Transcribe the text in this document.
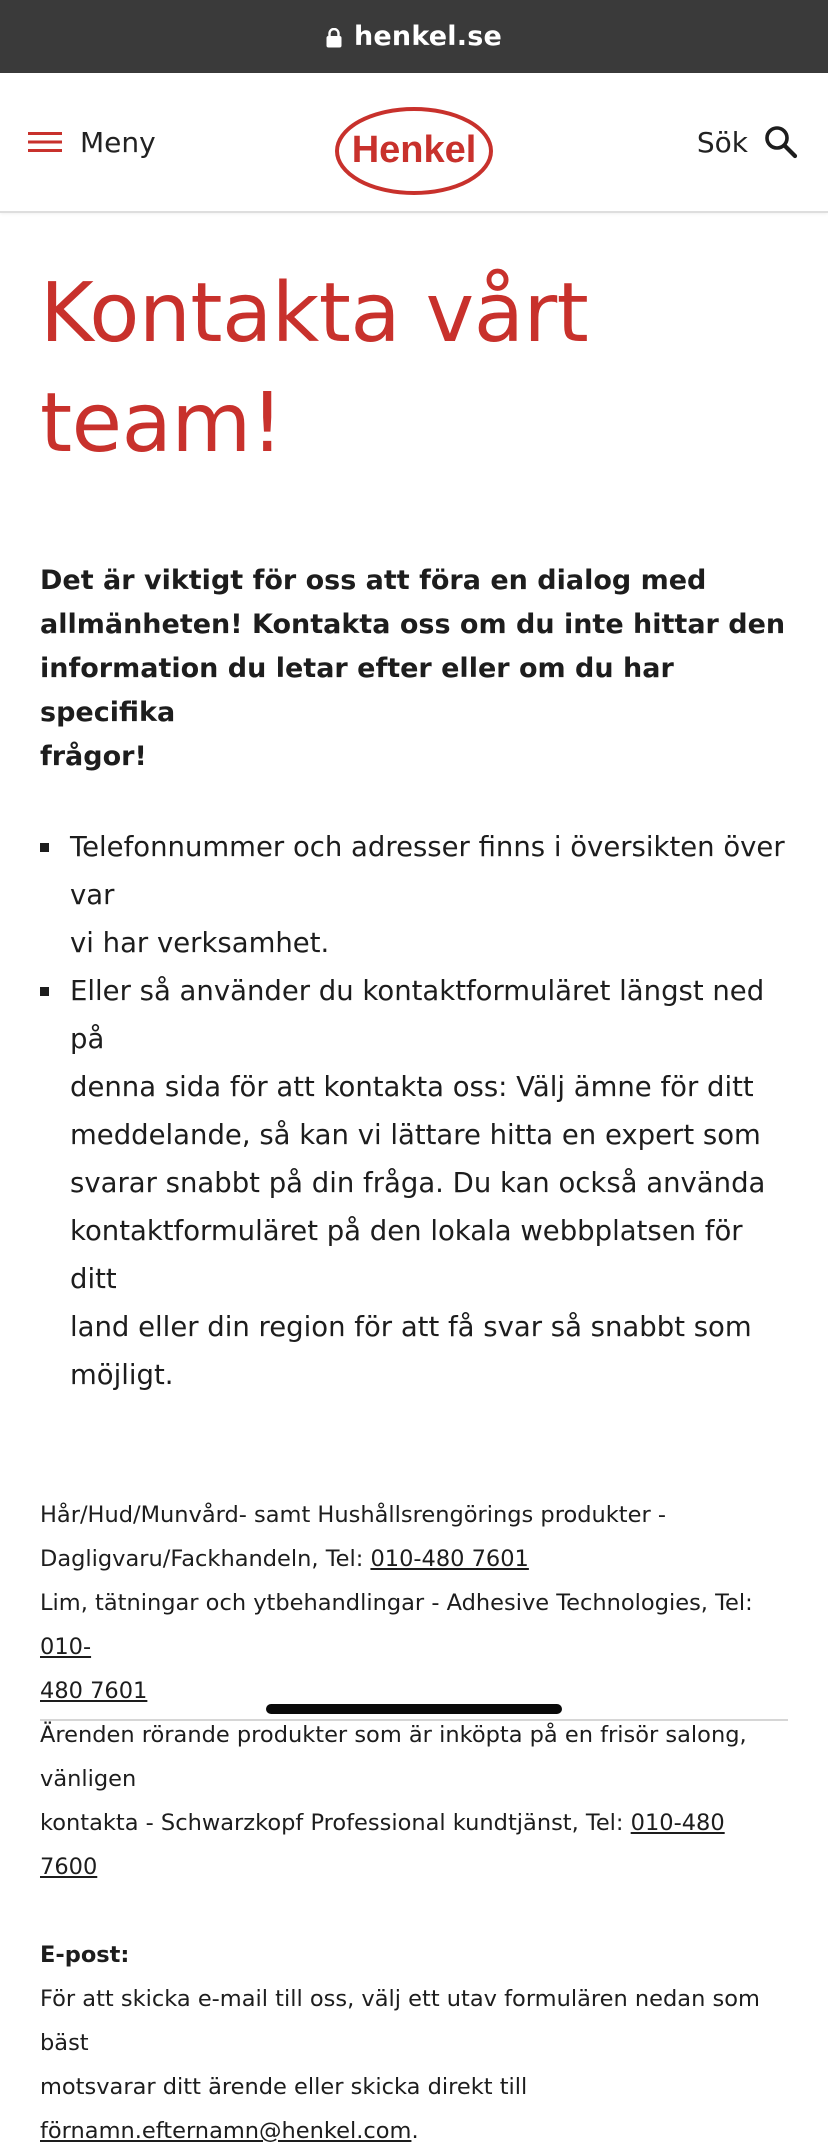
henkel.se
Meny	Henkel	Sök
Kontakta vårt team!

Det är viktigt för oss att föra en dialog med
allmänheten! Kontakta oss om du inte hittar den
information du letar efter eller om du har specifika
frågor!

Telefonnummer och adresser finns i översikten över var
vi har verksamhet.
Eller så använder du kontaktformuläret längst ned på
denna sida för att kontakta oss: Välj ämne för ditt
meddelande, så kan vi lättare hitta en expert som
svarar snabbt på din fråga. Du kan också använda
kontaktformuläret på den lokala webbplatsen för ditt
land eller din region för att få svar så snabbt som
möjligt.
Hår/Hud/Munvård- samt Hushållsrengörings produkter -
Dagligvaru/Fackhandeln, Tel: 010-480 7601
Lim, tätningar och ytbehandlingar - Adhesive Technologies, Tel: 010-
480 7601
Ärenden rörande produkter som är inköpta på en frisör salong, vänligen
kontakta - Schwarzkopf Professional kundtjänst, Tel: 010-480 7600
E-post:
För att skicka e-mail till oss, välj ett utav formulären nedan som bäst
motsvarar ditt ärende eller skicka direkt till
förnamn.efternamn@henkel.com.
